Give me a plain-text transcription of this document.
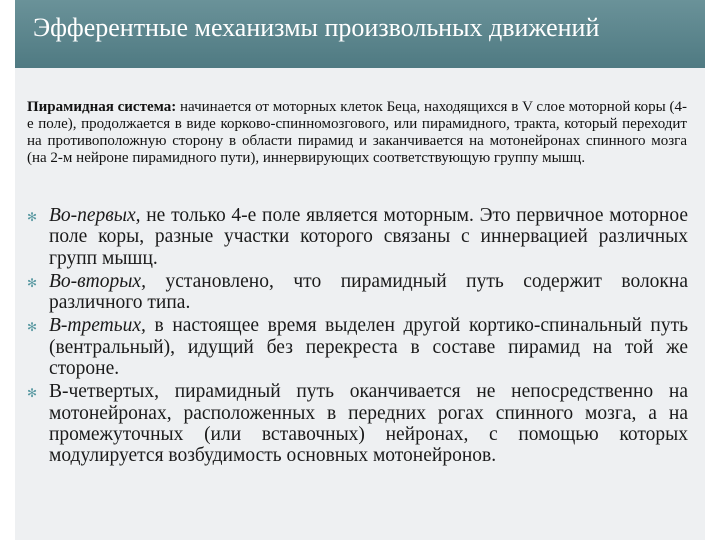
Эфферентные механизмы произвольных движений

Пирамидная система: начинается от моторных клеток Беца, находящихся в V слое моторной коры (4-е поле), продолжается в виде корково-спинномозгового, или пирамидного, тракта, который переходит на противоположную сторону в области пирамид и заканчивается на мотонейронах спинного мозга (на 2-м нейроне пирамидного пути), иннервирующих соответствующую группу мышц.

✻ Во-первых, не только 4-е поле является моторным. Это первичное моторное поле коры, разные участки которого связаны с иннервацией различных групп мышц.
✻ Во-вторых, установлено, что пирамидный путь содержит волокна различного типа.
✻ В-третьих, в настоящее время выделен другой кортико-спинальный путь (вентральный), идущий без перекреста в составе пирамид на той же стороне.
✻ В-четвертых, пирамидный путь оканчивается не непосредственно на мотонейронах, расположенных в передних рогах спинного мозга, а на промежуточных (или вставочных) нейронах, с помощью которых модулируется возбудимость основных мотонейронов.
